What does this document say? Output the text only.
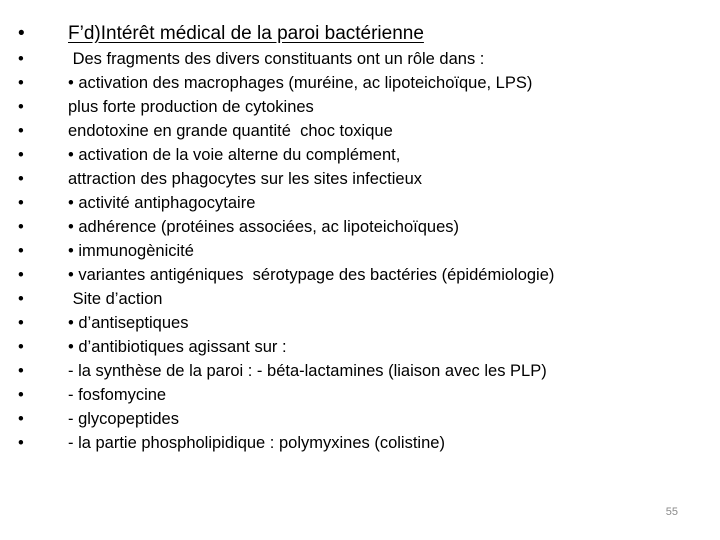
•	F’d)Intérêt médical de la paroi bactérienne
•	Des fragments des divers constituants ont un rôle dans :
•	• activation des macrophages (muréine, ac lipoteichoïque, LPS)
•	plus forte production de cytokines
•	endotoxine en grande quantité  choc toxique
•	• activation de la voie alterne du complément,
•	attraction des phagocytes sur les sites infectieux
•	• activité antiphagocytaire
•	• adhérence (protéines associées, ac lipoteichoïques)
•	• immunogènicité
•	• variantes antigéniques  sérotypage des bactéries (épidémiologie)
•	Site d’action
•	• d’antiseptiques
•	• d’antibiotiques agissant sur :
•	- la synthèse de la paroi : - béta-lactamines (liaison avec les PLP)
•	- fosfomycine
•	- glycopeptides
•	- la partie phospholipidique : polymyxines (colistine)
55
